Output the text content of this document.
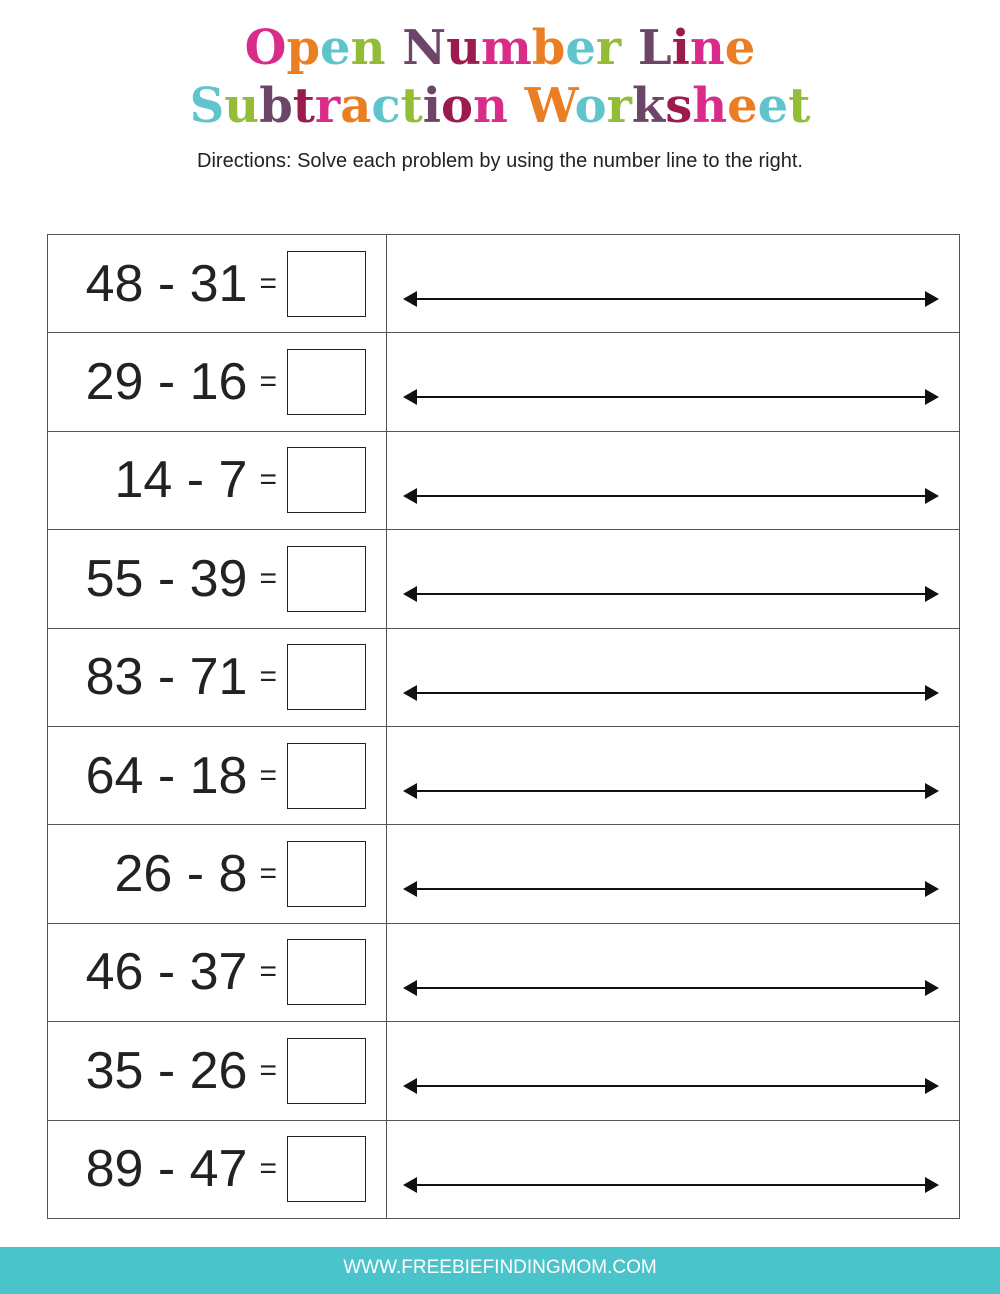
Open Number Line
Subtraction Worksheet
Directions: Solve each problem by using the number line to the right.
48 - 31 =
29 - 16 =
14 - 7 =
55 - 39 =
83 - 71 =
64 - 18 =
26 - 8 =
46 - 37 =
35 - 26 =
89 - 47 =
WWW.FREEBIEFINDINGMOM.COM
